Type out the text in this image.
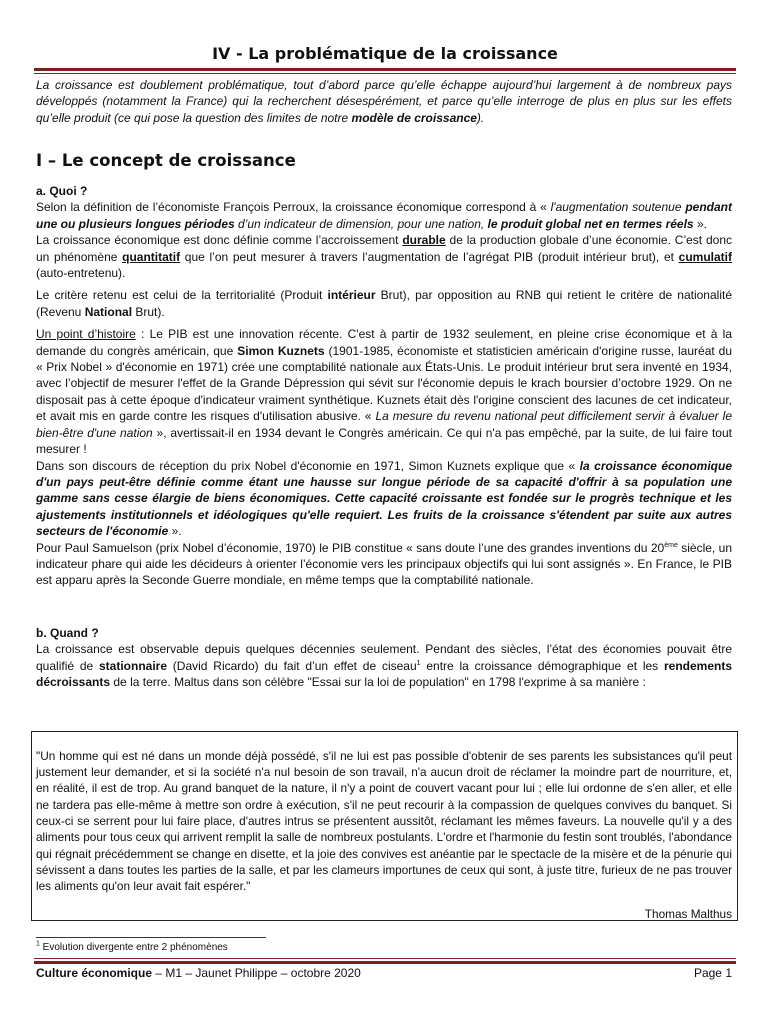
IV - La problématique de la croissance
La croissance est doublement problématique, tout d’abord parce qu’elle échappe aujourd’hui largement à de nombreux pays développés (notamment la France) qui la recherchent désespérément, et parce qu’elle interroge de plus en plus sur les effets qu’elle produit (ce qui pose la question des limites de notre modèle de croissance).
I – Le concept de croissance

a. Quoi ?

Selon la définition de l’économiste François Perroux, la croissance économique correspond à « l'augmentation soutenue pendant une ou plusieurs longues périodes d’un indicateur de dimension, pour une nation, le produit global net en termes réels ».

La croissance économique est donc définie comme l’accroissement durable de la production globale d’une économie. C’est donc un phénomène quantitatif que l’on peut mesurer à travers l’augmentation de l’agrégat PIB (produit intérieur brut), et cumulatif (auto-entretenu).

Le critère retenu est celui de la territorialité (Produit intérieur Brut), par opposition au RNB qui retient le critère de nationalité (Revenu National Brut).

Un point d’histoire : Le PIB est une innovation récente. C'est à partir de 1932 seulement, en pleine crise économique et à la demande du congrès américain, que Simon Kuznets (1901-1985, économiste et statisticien américain d'origine russe, lauréat du « Prix Nobel » d'économie en 1971) crée une comptabilité nationale aux États-Unis. Le produit intérieur brut sera inventé en 1934, avec l’objectif de mesurer l'effet de la Grande Dépression qui sévit sur l'économie depuis le krach boursier d’octobre 1929. On ne disposait pas à cette époque d'indicateur vraiment synthétique. Kuznets était dès l'origine conscient des lacunes de cet indicateur, et avait mis en garde contre les risques d'utilisation abusive. « La mesure du revenu national peut difficilement servir à évaluer le bien-être d'une nation », avertissait-il en 1934 devant le Congrès américain. Ce qui n'a pas empêché, par la suite, de lui faire tout mesurer !

Dans son discours de réception du prix Nobel d'économie en 1971, Simon Kuznets explique que « la croissance économique d'un pays peut-être définie comme étant une hausse sur longue période de sa capacité d'offrir à sa population une gamme sans cesse élargie de biens économiques. Cette capacité croissante est fondée sur le progrès technique et les ajustements institutionnels et idéologiques qu'elle requiert. Les fruits de la croissance s'étendent par suite aux autres secteurs de l'économie ».

Pour Paul Samuelson (prix Nobel d’économie, 1970) le PIB constitue « sans doute l’une des grandes inventions du 20ème siècle, un indicateur phare qui aide les décideurs à orienter l’économie vers les principaux objectifs qui lui sont assignés ». En France, le PIB est apparu après la Seconde Guerre mondiale, en même temps que la comptabilité nationale.

b. Quand ?

La croissance est observable depuis quelques décennies seulement. Pendant des siècles, l’état des économies pouvait être qualifié de stationnaire (David Ricardo) du fait d’un effet de ciseau$^1$ entre la croissance démographique et les rendements décroissants de la terre. Maltus dans son célèbre "Essai sur la loi de population" en 1798 l'exprime à sa manière :

"Un homme qui est né dans un monde déjà possédé, s'il ne lui est pas possible d'obtenir de ses parents les subsistances qu'il peut justement leur demander, et si la société n'a nul besoin de son travail, n'a aucun droit de réclamer la moindre part de nourriture, et, en réalité, il est de trop. Au grand banquet de la nature, il n'y a point de couvert vacant pour lui ; elle lui ordonne de s'en aller, et elle ne tardera pas elle-même à mettre son ordre à exécution, s'il ne peut recourir à la compassion de quelques convives du banquet. Si ceux-ci se serrent pour lui faire place, d'autres intrus se présentent aussitôt, réclamant les mêmes faveurs. La nouvelle qu'il y a des aliments pour tous ceux qui arrivent remplit la salle de nombreux postulants. L'ordre et l'harmonie du festin sont troublés, l'abondance qui régnait précédemment se change en disette, et la joie des convives est anéantie par le spectacle de la misère et de la pénurie qui sévissent a dans toutes les parties de la salle, et par les clameurs importunes de ceux qui sont, à juste titre, furieux de ne pas trouver les aliments qu'on leur avait fait espérer."

Thomas Malthus

$^1$ Evolution divergente entre 2 phénomènes
Culture économique – M1 – Jaunet Philippe – octobre 2020	Page 1
